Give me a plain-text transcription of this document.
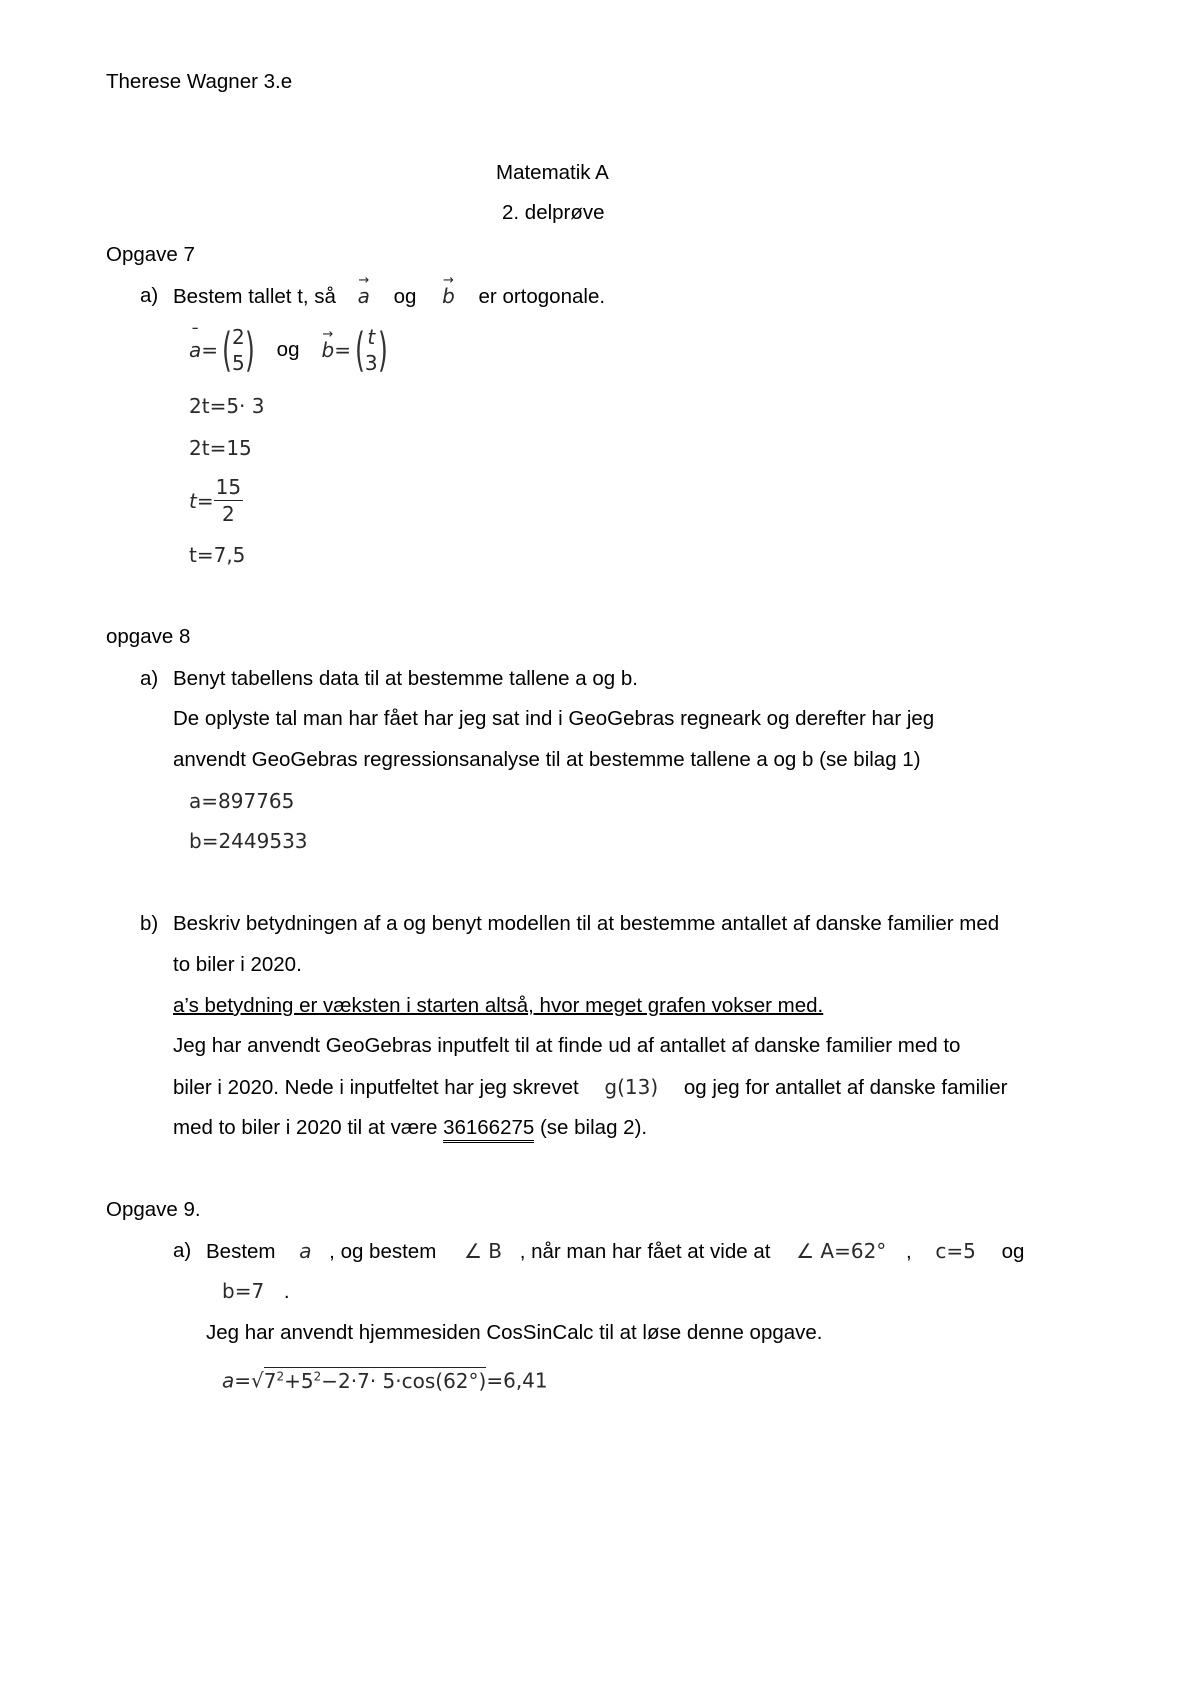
Therese Wagner 3.e
Matematik A
2. delprøve
Opgave 7
a) Bestem tallet t, så → a og → b er ortogonale.
¯ a = ( 2
5 ) og → b = ( t
3 )
2t=5· 3
2t=15
$t= \frac{15}{2}$
t=7,5
opgave 8
a) Benyt tabellens data til at bestemme tallene a og b.
De oplyste tal man har fået har jeg sat ind i GeoGebras regneark og derefter har jeg
anvendt GeoGebras regressionsanalyse til at bestemme tallene a og b (se bilag 1)
a=897765
b=2449533
b) Beskriv betydningen af a og benyt modellen til at bestemme antallet af danske familier med
to biler i 2020.
a’s betydning er væksten i starten altså, hvor meget grafen vokser med.
Jeg har anvendt GeoGebras inputfelt til at finde ud af antallet af danske familier med to
biler i 2020. Nede i inputfeltet har jeg skrevet g(13) og jeg for antallet af danske familier
med to biler i 2020 til at være 36166275 (se bilag 2).
Opgave 9.
a) Bestem a , og bestem ∠ B , når man har fået at vide at ∠ A=62° , c=5 og
b=7 .
Jeg har anvendt hjemmesiden CosSinCalc til at løse denne opgave.
$a=√7^2+5^2-2\cdot 7\cdot 5\cdot\cos(62^\circ)=6,41$
